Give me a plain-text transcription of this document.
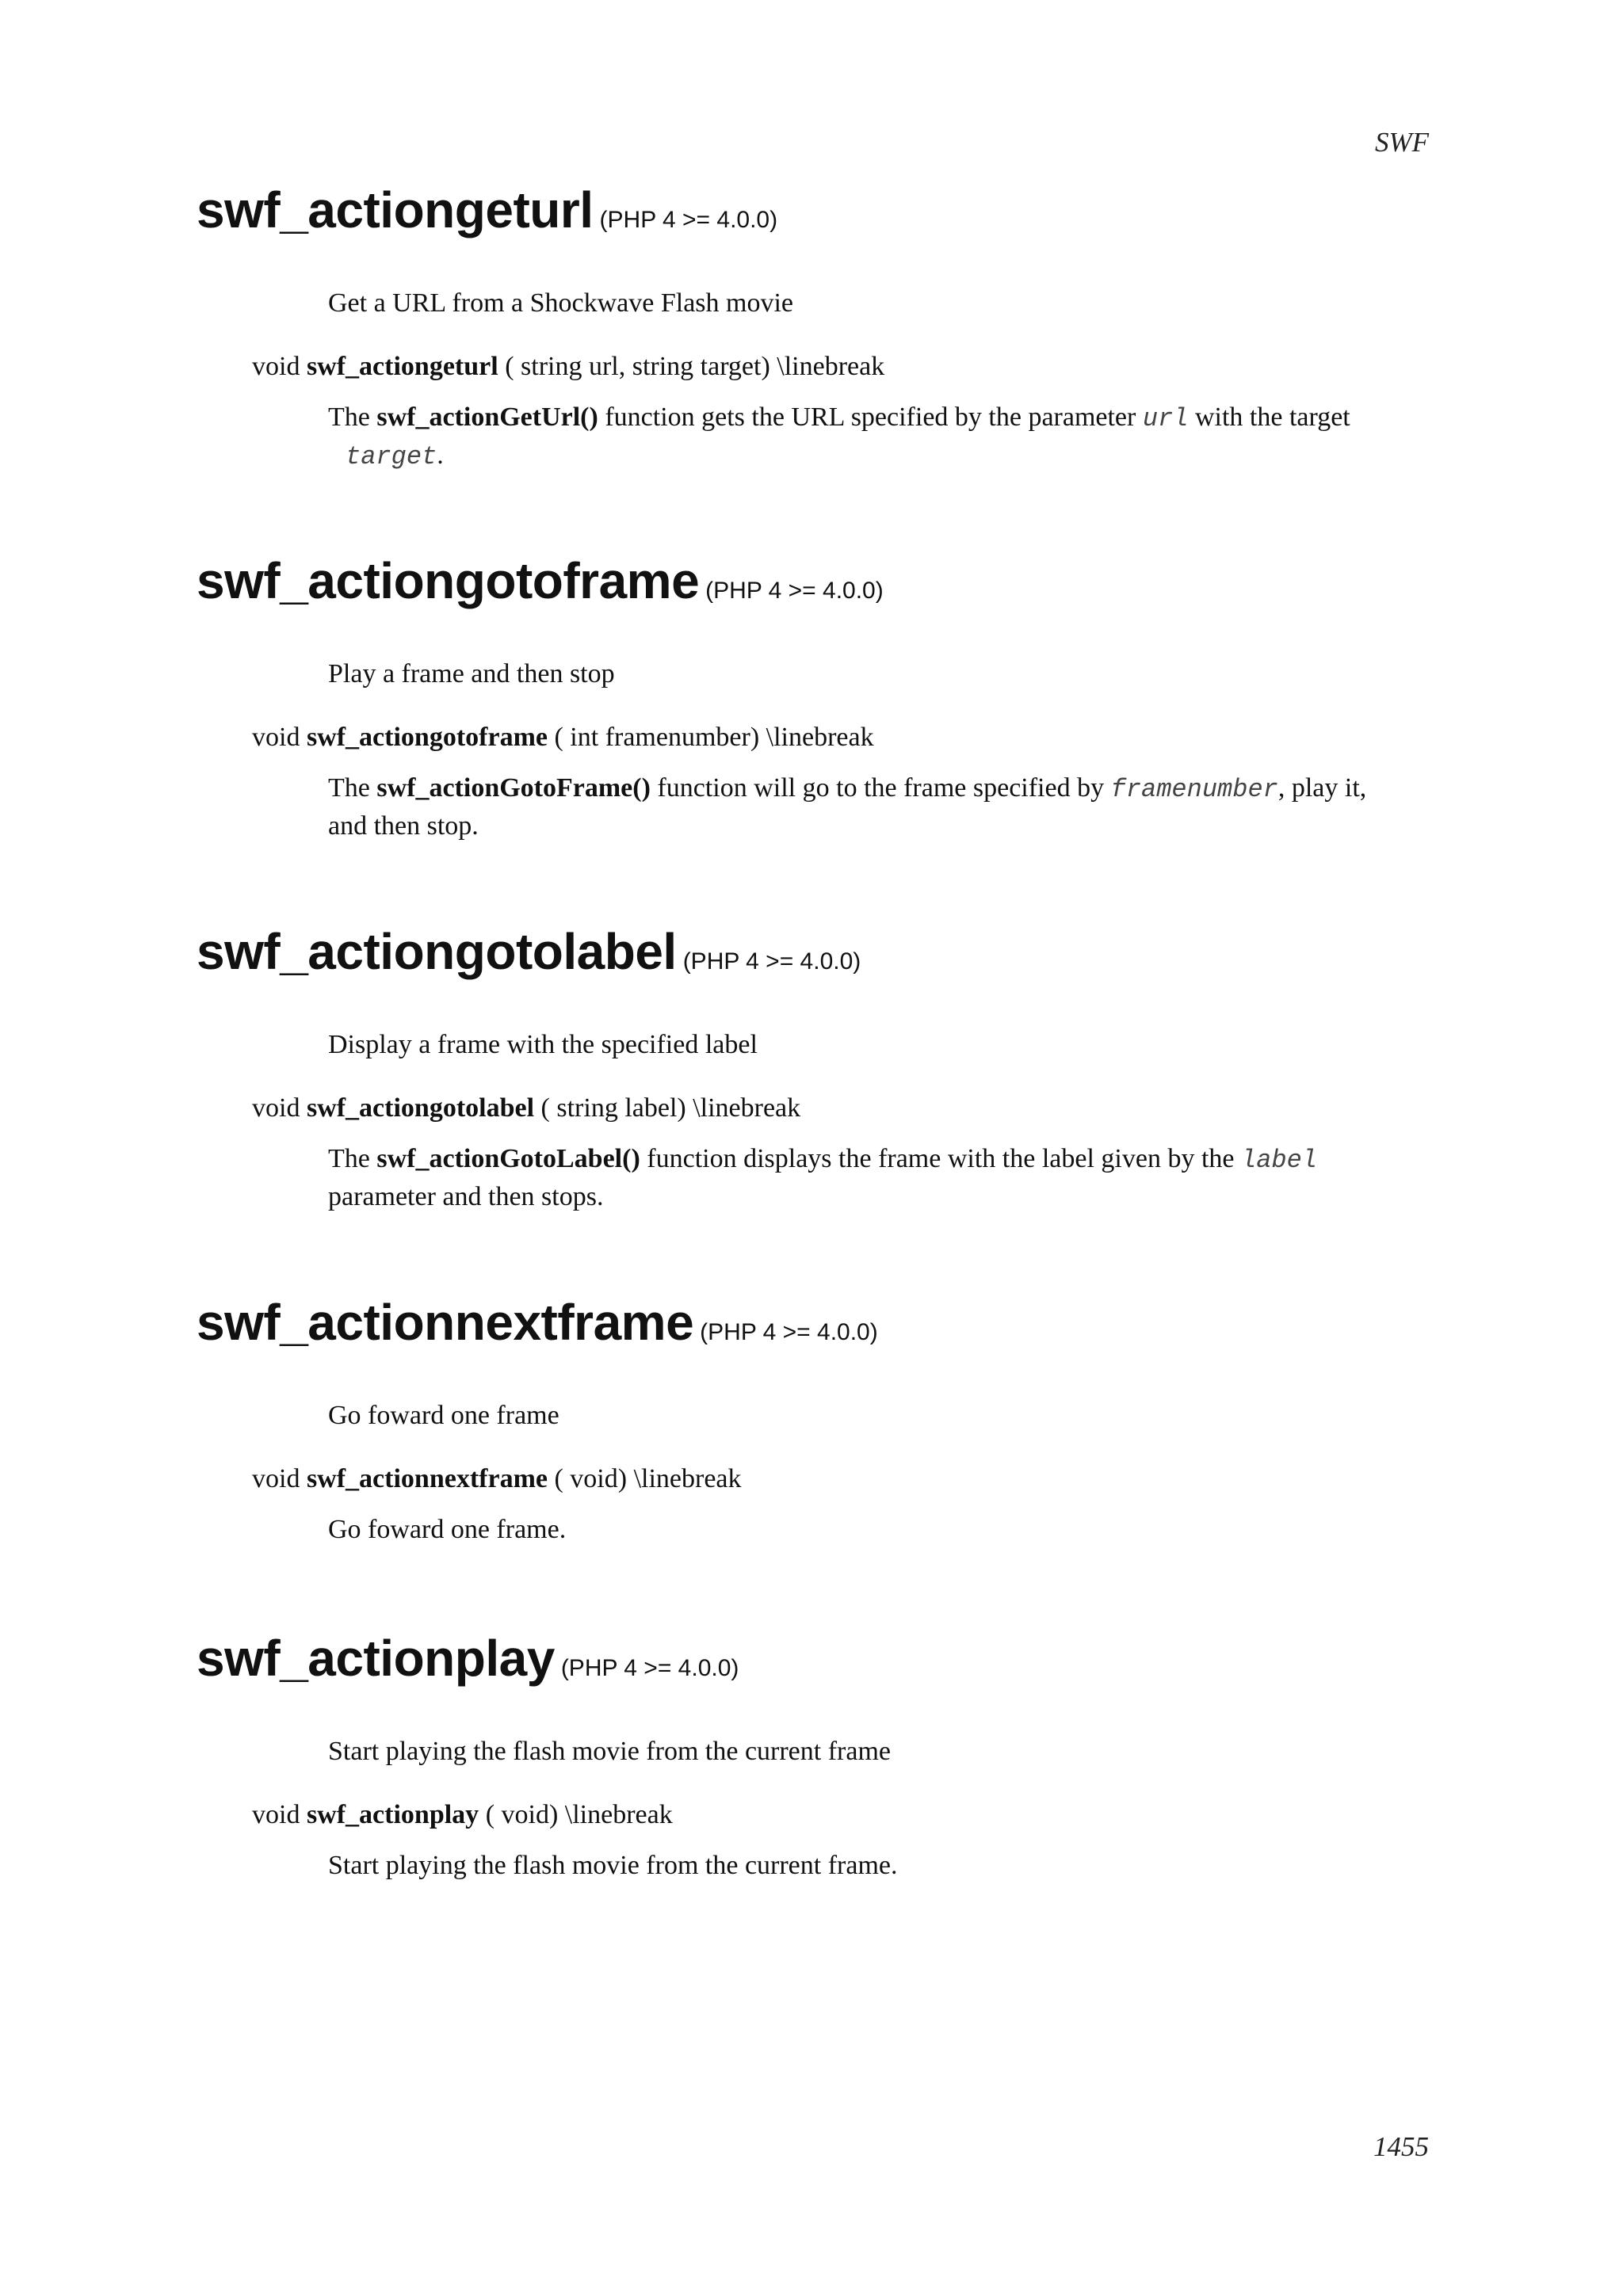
SWF
swf_actiongeturl (PHP 4 >= 4.0.0)
Get a URL from a Shockwave Flash movie
void swf_actiongeturl ( string url, string target) \linebreak
The swf_actionGetUrl() function gets the URL specified by the parameter url with the target
target.
swf_actiongotoframe (PHP 4 >= 4.0.0)
Play a frame and then stop
void swf_actiongotoframe ( int framenumber) \linebreak
The swf_actionGotoFrame() function will go to the frame specified by framenumber, play it, and then stop.
swf_actiongotolabel (PHP 4 >= 4.0.0)
Display a frame with the specified label
void swf_actiongotolabel ( string label) \linebreak
The swf_actionGotoLabel() function displays the frame with the label given by the label parameter and then stops.
swf_actionnextframe (PHP 4 >= 4.0.0)
Go foward one frame
void swf_actionnextframe ( void) \linebreak
Go foward one frame.
swf_actionplay (PHP 4 >= 4.0.0)
Start playing the flash movie from the current frame
void swf_actionplay ( void) \linebreak
Start playing the flash movie from the current frame.
1455
